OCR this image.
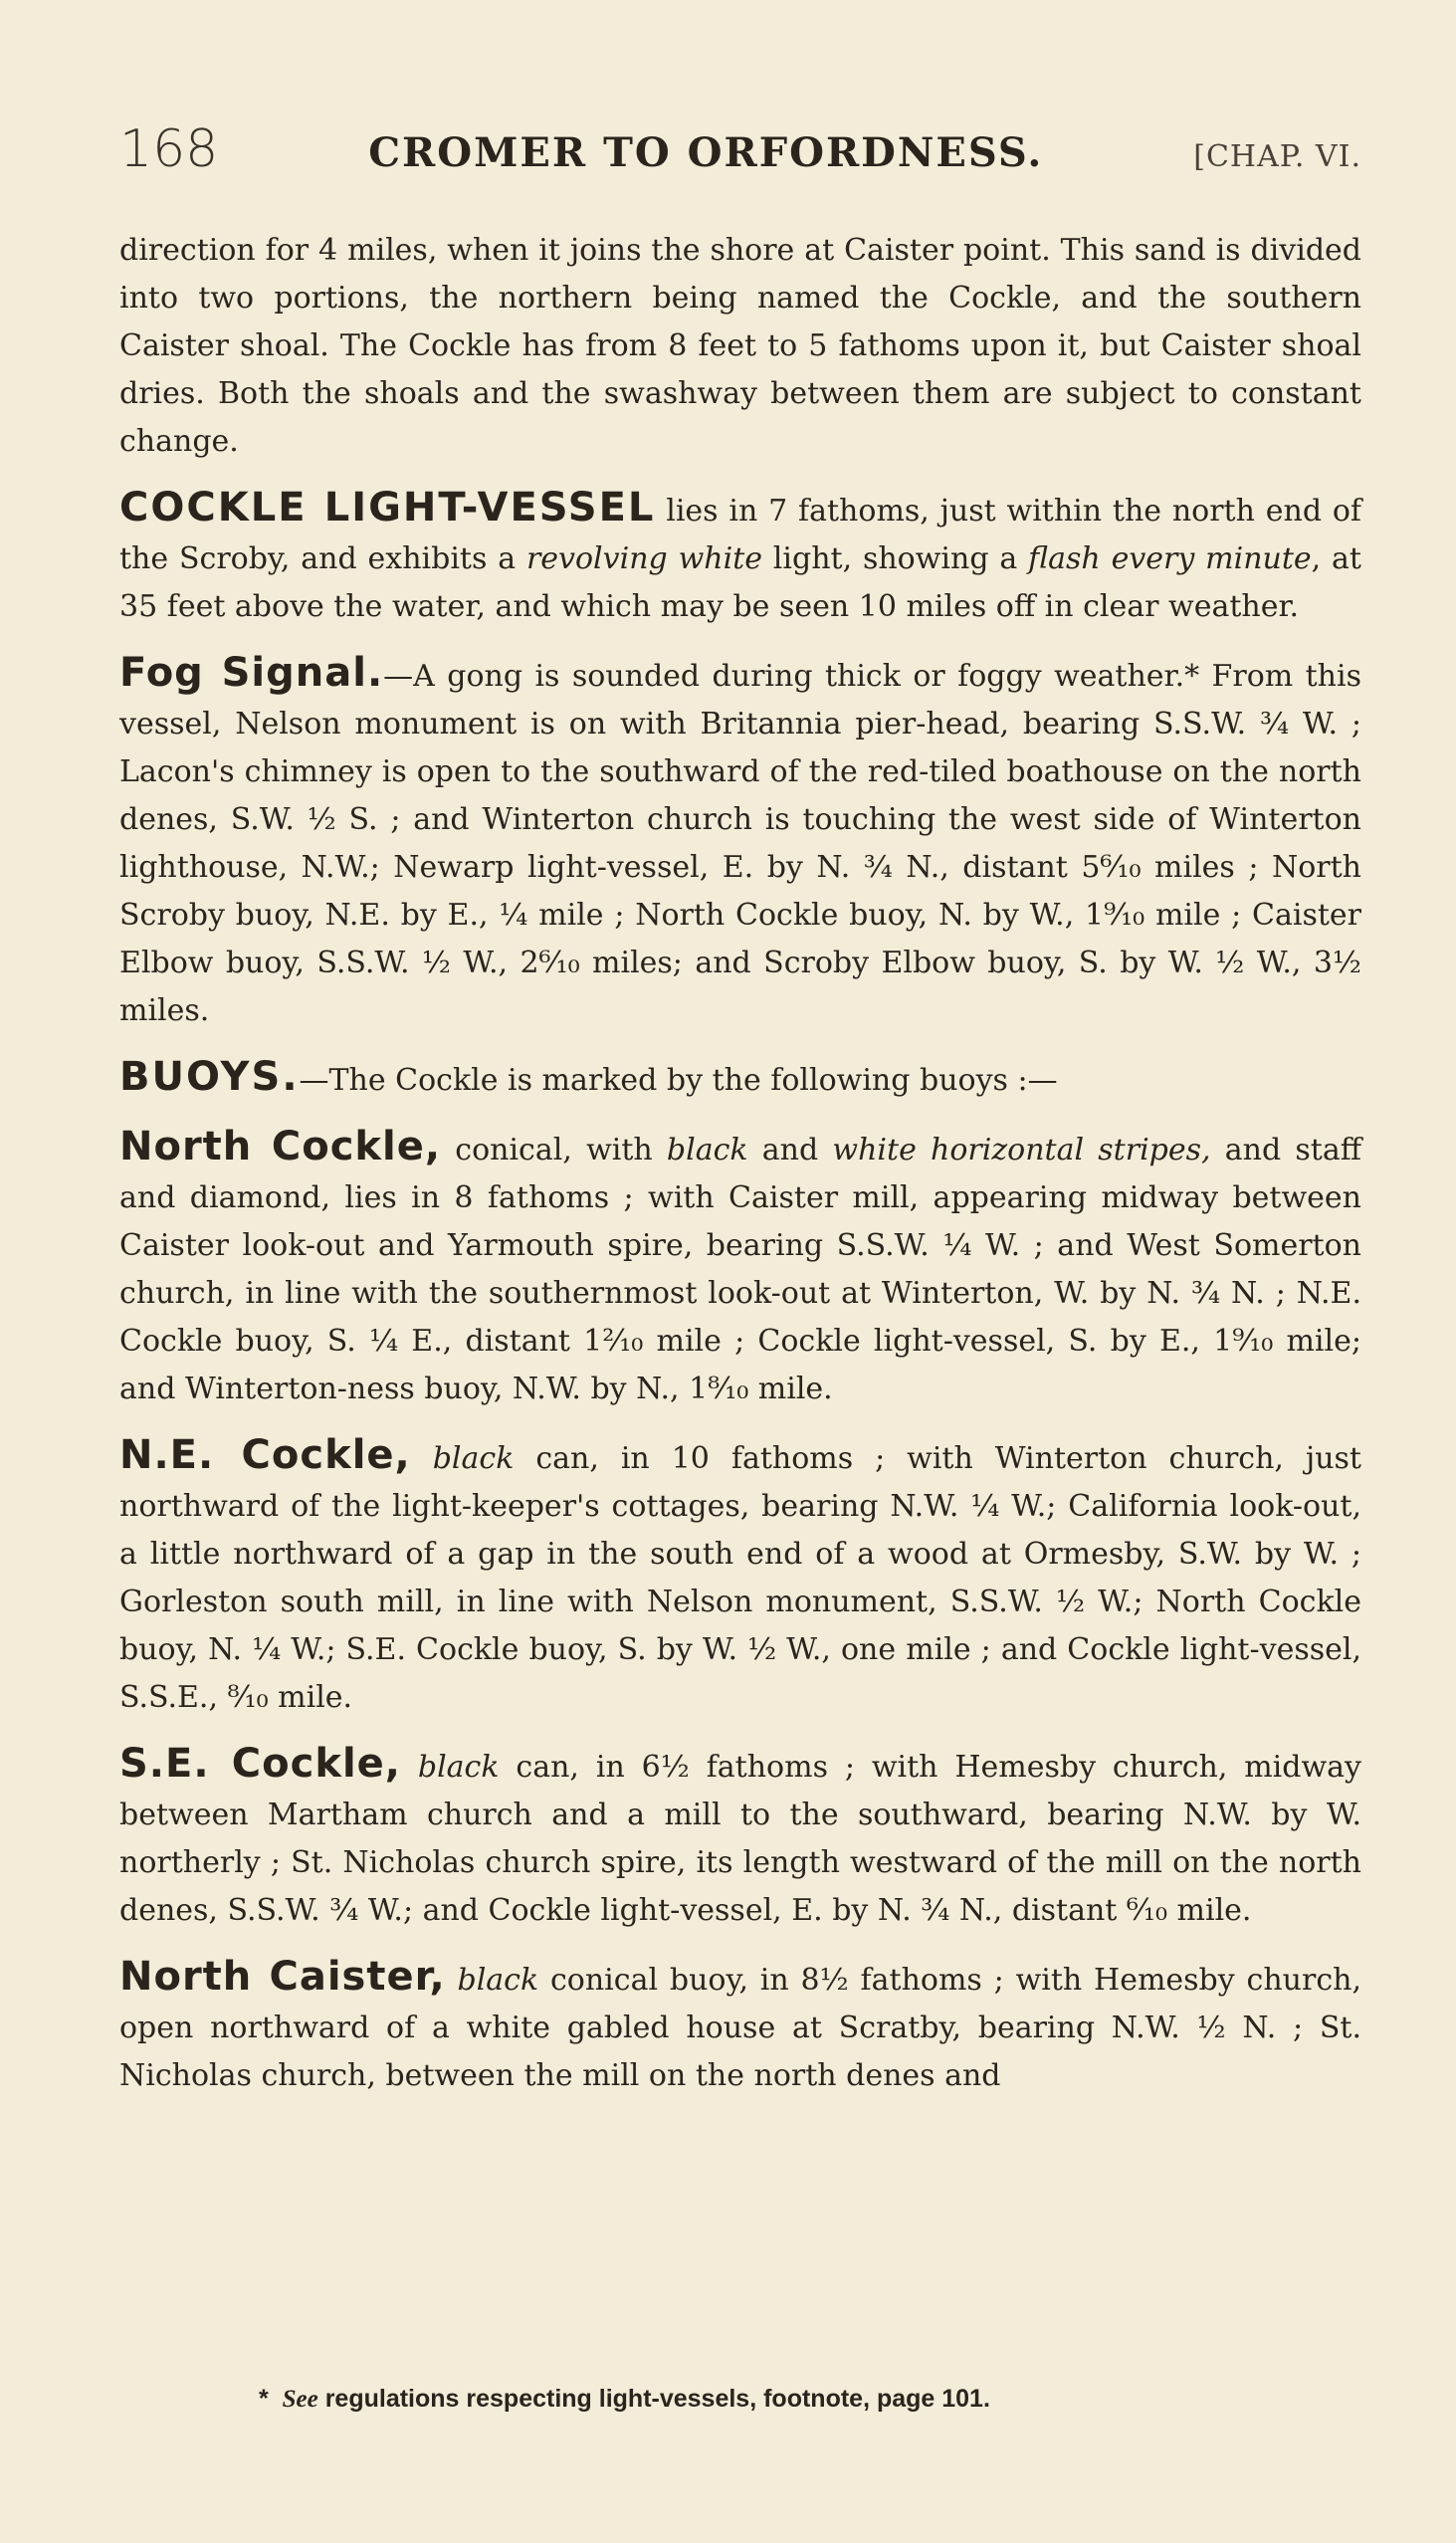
168	CROMER TO ORFORDNESS.	[CHAP. VI.

direction for 4 miles, when it joins the shore at Caister point. This sand is divided into two portions, the northern being named the Cockle, and the southern Caister shoal. The Cockle has from 8 feet to 5 fathoms upon it, but Caister shoal dries. Both the shoals and the swashway between them are subject to constant change.

COCKLE LIGHT-VESSEL lies in 7 fathoms, just within the north end of the Scroby, and exhibits a revolving white light, showing a flash every minute, at 35 feet above the water, and which may be seen 10 miles off in clear weather.

Fog Signal.—A gong is sounded during thick or foggy weather.* From this vessel, Nelson monument is on with Britannia pier-head, bearing S.S.W. ¾ W. ; Lacon's chimney is open to the southward of the red-tiled boathouse on the north denes, S.W. ½ S. ; and Winterton church is touching the west side of Winterton lighthouse, N.W.; Newarp light-vessel, E. by N. ¾ N., distant 5⁶⁄₁₀ miles ; North Scroby buoy, N.E. by E., ¼ mile ; North Cockle buoy, N. by W., 1⁹⁄₁₀ mile ; Caister Elbow buoy, S.S.W. ½ W., 2⁶⁄₁₀ miles; and Scroby Elbow buoy, S. by W. ½ W., 3½ miles.

BUOYS.—The Cockle is marked by the following buoys :—

North Cockle, conical, with black and white horizontal stripes, and staff and diamond, lies in 8 fathoms ; with Caister mill, appearing midway between Caister look-out and Yarmouth spire, bearing S.S.W. ¼ W. ; and West Somerton church, in line with the southernmost look-out at Winterton, W. by N. ¾ N. ; N.E. Cockle buoy, S. ¼ E., distant 1²⁄₁₀ mile ; Cockle light-vessel, S. by E., 1⁹⁄₁₀ mile; and Winterton-ness buoy, N.W. by N., 1⁸⁄₁₀ mile.

N.E. Cockle, black can, in 10 fathoms ; with Winterton church, just northward of the light-keeper's cottages, bearing N.W. ¼ W.; California look-out, a little northward of a gap in the south end of a wood at Ormesby, S.W. by W. ; Gorleston south mill, in line with Nelson monument, S.S.W. ½ W.; North Cockle buoy, N. ¼ W.; S.E. Cockle buoy, S. by W. ½ W., one mile ; and Cockle light-vessel, S.S.E., ⁸⁄₁₀ mile.

S.E. Cockle, black can, in 6½ fathoms ; with Hemesby church, midway between Martham church and a mill to the southward, bearing N.W. by W. northerly ; St. Nicholas church spire, its length westward of the mill on the north denes, S.S.W. ¾ W.; and Cockle light-vessel, E. by N. ¾ N., distant ⁶⁄₁₀ mile.

North Caister, black conical buoy, in 8½ fathoms ; with Hemesby church, open northward of a white gabled house at Scratby, bearing N.W. ½ N. ; St. Nicholas church, between the mill on the north denes and

* See regulations respecting light-vessels, footnote, page 101.
